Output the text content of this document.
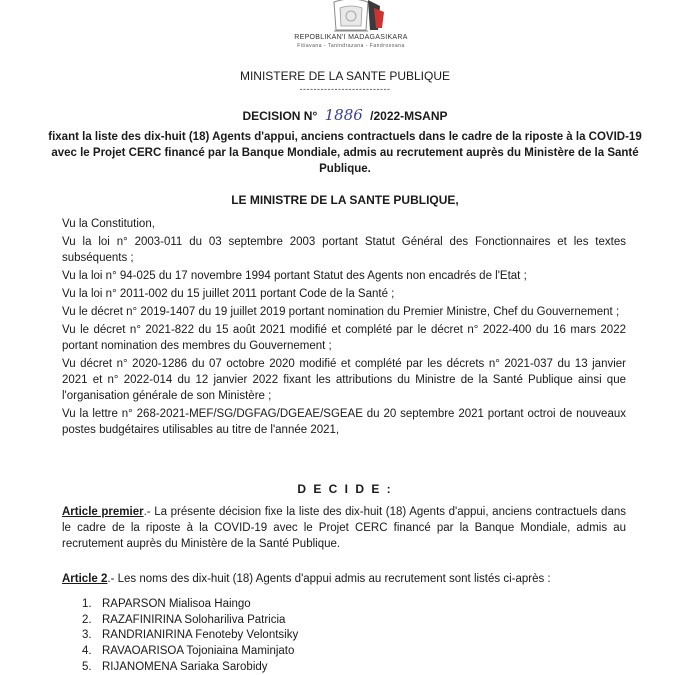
REPOBLIKAN'I MADAGASIKARA
Fitiavana - Tanindrazana - Fandrosoana
MINISTERE DE LA SANTE PUBLIQUE
--------------------------
DECISION N° 1886 /2022-MSANP
fixant la liste des dix-huit (18) Agents d'appui, anciens contractuels dans le cadre de la riposte à la COVID-19 avec le Projet CERC financé par la Banque Mondiale, admis au recrutement auprès du Ministère de la Santé Publique.
LE MINISTRE DE LA SANTE PUBLIQUE,
Vu la Constitution,
Vu la loi n° 2003-011 du 03 septembre 2003 portant Statut Général des Fonctionnaires et les textes subséquents ;
Vu la loi n° 94-025 du 17 novembre 1994 portant Statut des Agents non encadrés de l'Etat ;
Vu la loi n° 2011-002 du 15 juillet 2011 portant Code de la Santé ;
Vu le décret n° 2019-1407 du 19 juillet 2019 portant nomination du Premier Ministre, Chef du Gouvernement ;
Vu le décret n° 2021-822 du 15 août 2021 modifié et complété par le décret n° 2022-400 du 16 mars 2022 portant nomination des membres du Gouvernement ;
Vu décret n° 2020-1286 du 07 octobre 2020 modifié et complété par les décrets n° 2021-037 du 13 janvier 2021 et n° 2022-014 du 12 janvier 2022 fixant les attributions du Ministre de la Santé Publique ainsi que l'organisation générale de son Ministère ;
Vu la lettre n° 268-2021-MEF/SG/DGFAG/DGEAE/SGEAE du 20 septembre 2021 portant octroi de nouveaux postes budgétaires utilisables au titre de l'année 2021,
D E C I D E :
Article premier.- La présente décision fixe la liste des dix-huit (18) Agents d'appui, anciens contractuels dans le cadre de la riposte à la COVID-19 avec le Projet CERC financé par la Banque Mondiale, admis au recrutement auprès du Ministère de la Santé Publique.
Article 2.- Les noms des dix-huit (18) Agents d'appui admis au recrutement sont listés ci-après :
1. RAPARSON Mialisoa Haingo
2. RAZAFINIRINA Solohariliva Patricia
3. RANDRIANIRINA Fenoteby Velontsiky
4. RAVAOARISOA Tojoniaina Maminjato
5. RIJANOMENA Sariaka Sarobidy
